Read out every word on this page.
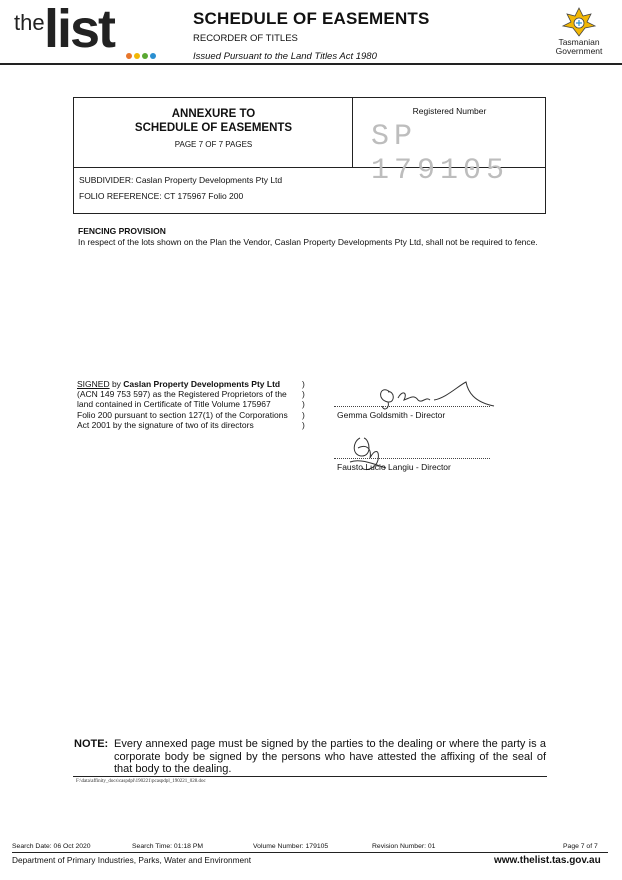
the list	SCHEDULE OF EASEMENTS
RECORDER OF TITLES
Issued Pursuant to the Land Titles Act 1980
Tasmanian
Government
ANNEXURE TO
SCHEDULE OF EASEMENTS
PAGE 7 OF 7 PAGES
Registered Number
SP 179105
SUBDIVIDER: Caslan Property Developments Pty Ltd
FOLIO REFERENCE: CT 175967 Folio 200
FENCING PROVISION
In respect of the lots shown on the Plan the Vendor, Caslan Property Developments Pty Ltd, shall not be required to fence.
SIGNED by Caslan Property Developments Pty Ltd
(ACN 149 753 597) as the Registered Proprietors of the
land contained in Certificate of Title Volume 175967
Folio 200 pursuant to section 127(1) of the Corporations
Act 2001 by the signature of two of its directors
)
)
)
)
)
Gemma Goldsmith - Director
Fausto Lucio Langiu - Director
NOTE: Every annexed page must be signed by the parties to the dealing or where the party is a corporate body be signed by the persons who have attested the affixing of the seal of that body to the dealing.
F:\data\affinity_docs\caspdpl\190221\pcaspdpl_190221_028.doc
Search Date: 06 Oct 2020	Search Time: 01:18 PM	Volume Number: 179105	Revision Number: 01	Page 7 of 7
Department of Primary Industries, Parks, Water and Environment	www.thelist.tas.gov.au
